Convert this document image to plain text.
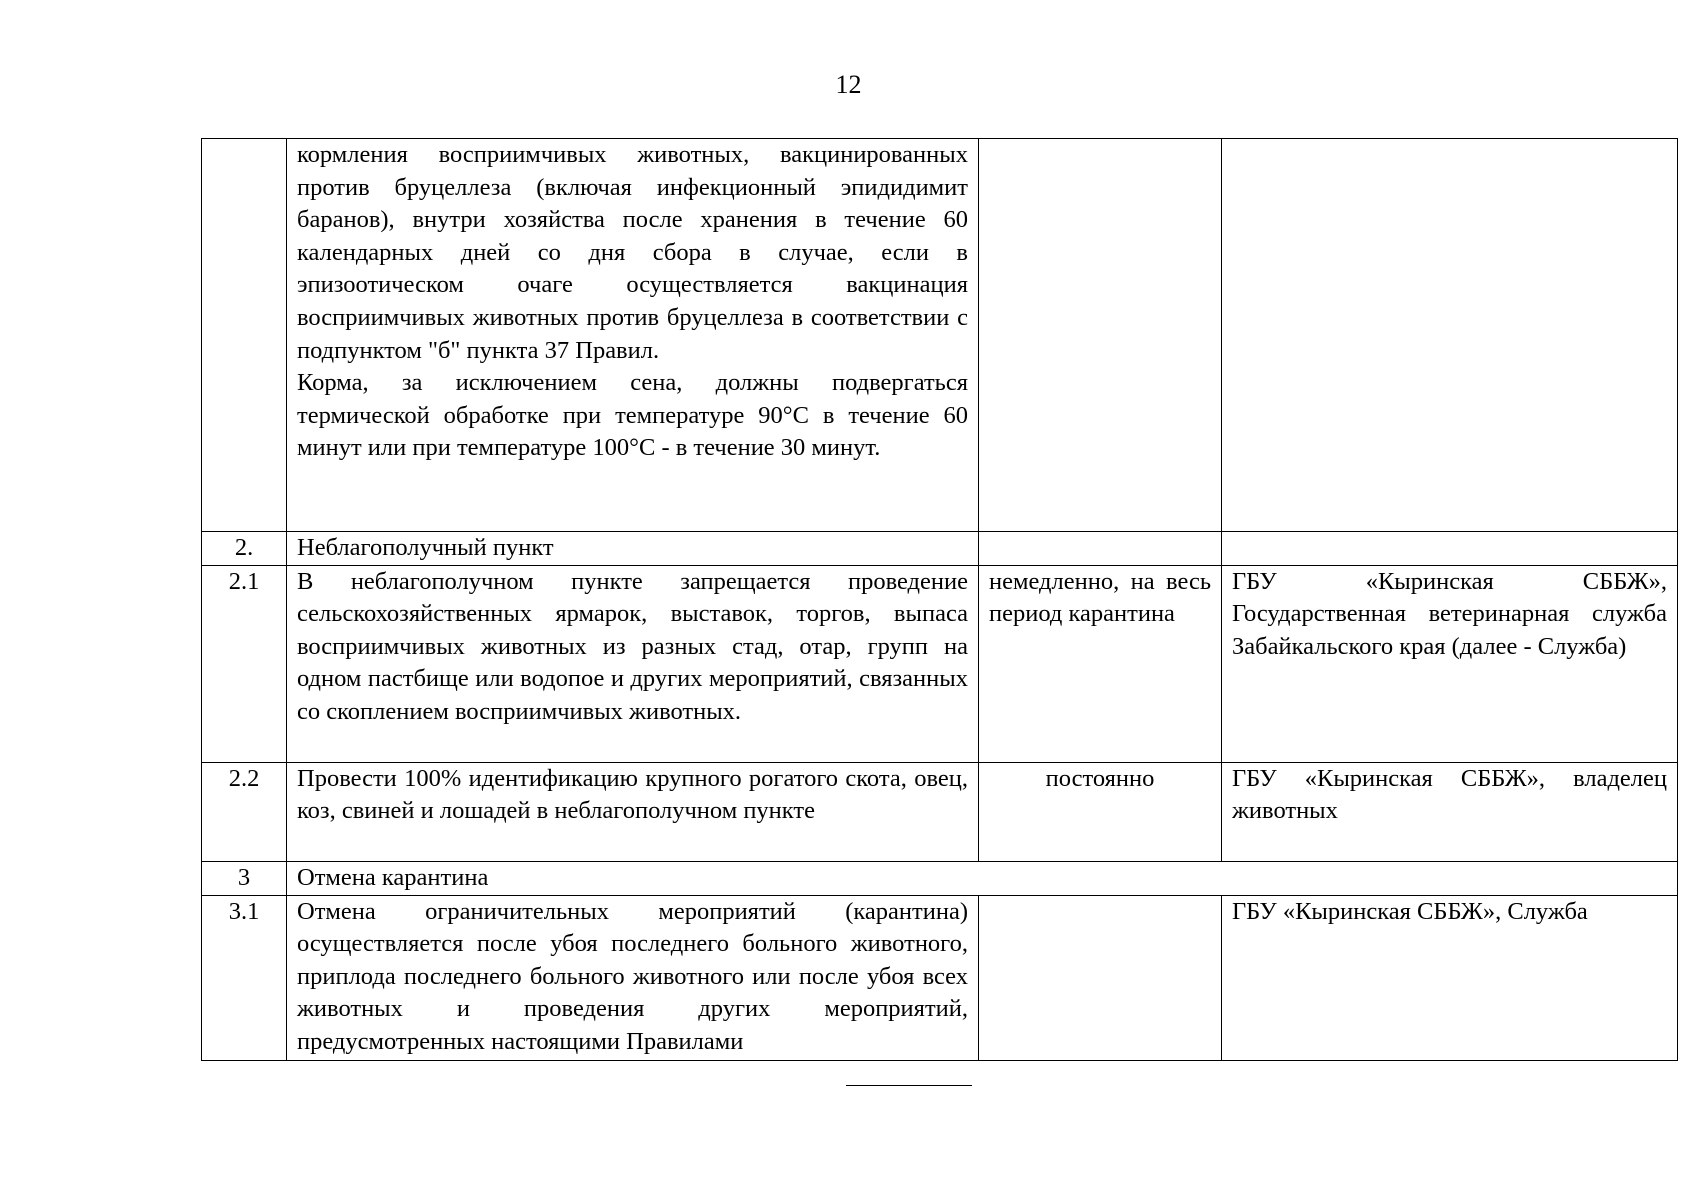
12

	кормления восприимчивых животных, вакцинированных против бруцеллеза (включая инфекционный эпидидимит баранов), внутри хозяйства после хранения в течение 60 календарных дней со дня сбора в случае, если в эпизоотическом очаге осуществляется вакцинация восприимчивых животных против бруцеллеза в соответствии с подпунктом "б" пункта 37 Правил.
Корма, за исключением сена, должны подвергаться термической обработке при температуре 90°С в течение 60 минут или при температуре 100°С - в течение 30 минут.		

2.	Неблагополучный пункт		
2.1	В неблагополучном пункте запрещается проведение сельскохозяйственных ярмарок, выставок, торгов, выпаса восприимчивых животных из разных стад, отар, групп на одном пастбище или водопое и других мероприятий, связанных со скоплением восприимчивых животных.	немедленно, на весь период карантина	ГБУ «Кыринская СББЖ», Государственная ветеринарная служба Забайкальского края (далее - Служба)
2.2	Провести 100% идентификацию крупного рогатого скота, овец, коз, свиней и лошадей в неблагополучном пункте	постоянно	ГБУ «Кыринская СББЖ», владелец животных
3	Отмена карантина		
3.1	Отмена ограничительных мероприятий (карантина) осуществляется после убоя последнего больного животного, приплода последнего больного животного или после убоя всех животных и проведения других мероприятий, предусмотренных настоящими Правилами		ГБУ «Кыринская СББЖ», Служба
